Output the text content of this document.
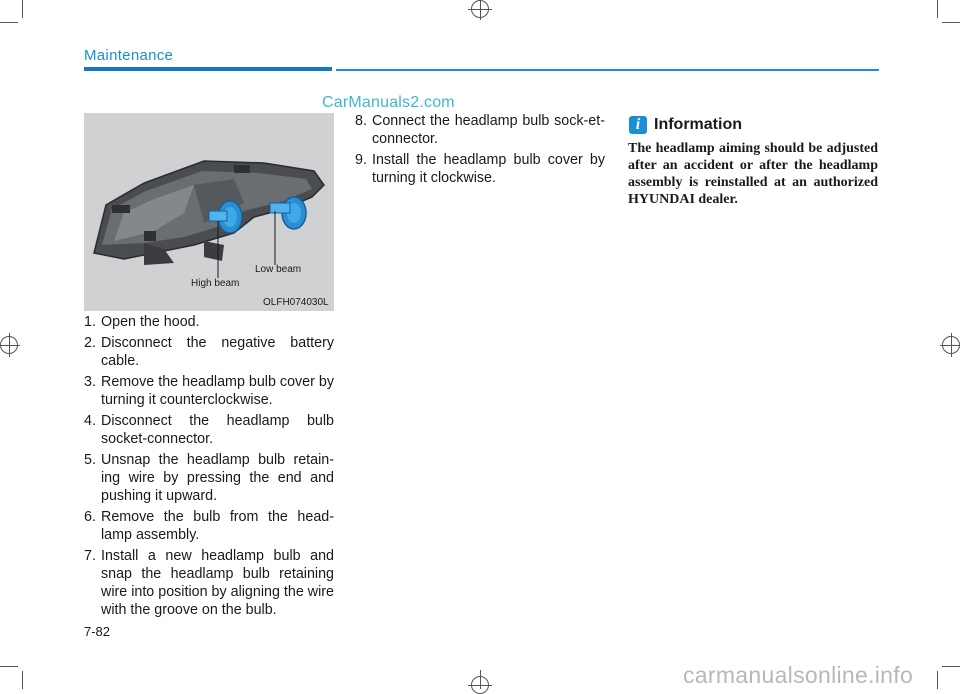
Maintenance
CarManuals2.com
Low beam
High beam
OLFH074030L
1. Open the hood.
2. Disconnect the negative battery cable.
3. Remove the headlamp bulb cover by turning it counterclockwise.
4. Disconnect the headlamp bulb socket-connector.
5. Unsnap the headlamp bulb retain-ing wire by pressing the end and pushing it upward.
6. Remove the bulb from the head-lamp assembly.
7. Install a new headlamp bulb and snap the headlamp bulb retaining wire into position by aligning the wire with the groove on the bulb.
8. Connect the headlamp bulb sock-et-connector.
9. Install the headlamp bulb cover by turning it clockwise.
i Information

The headlamp aiming should be adjusted after an accident or after the headlamp assembly is reinstalled at an authorized HYUNDAI dealer.

7-82
carmanualsonline.info
